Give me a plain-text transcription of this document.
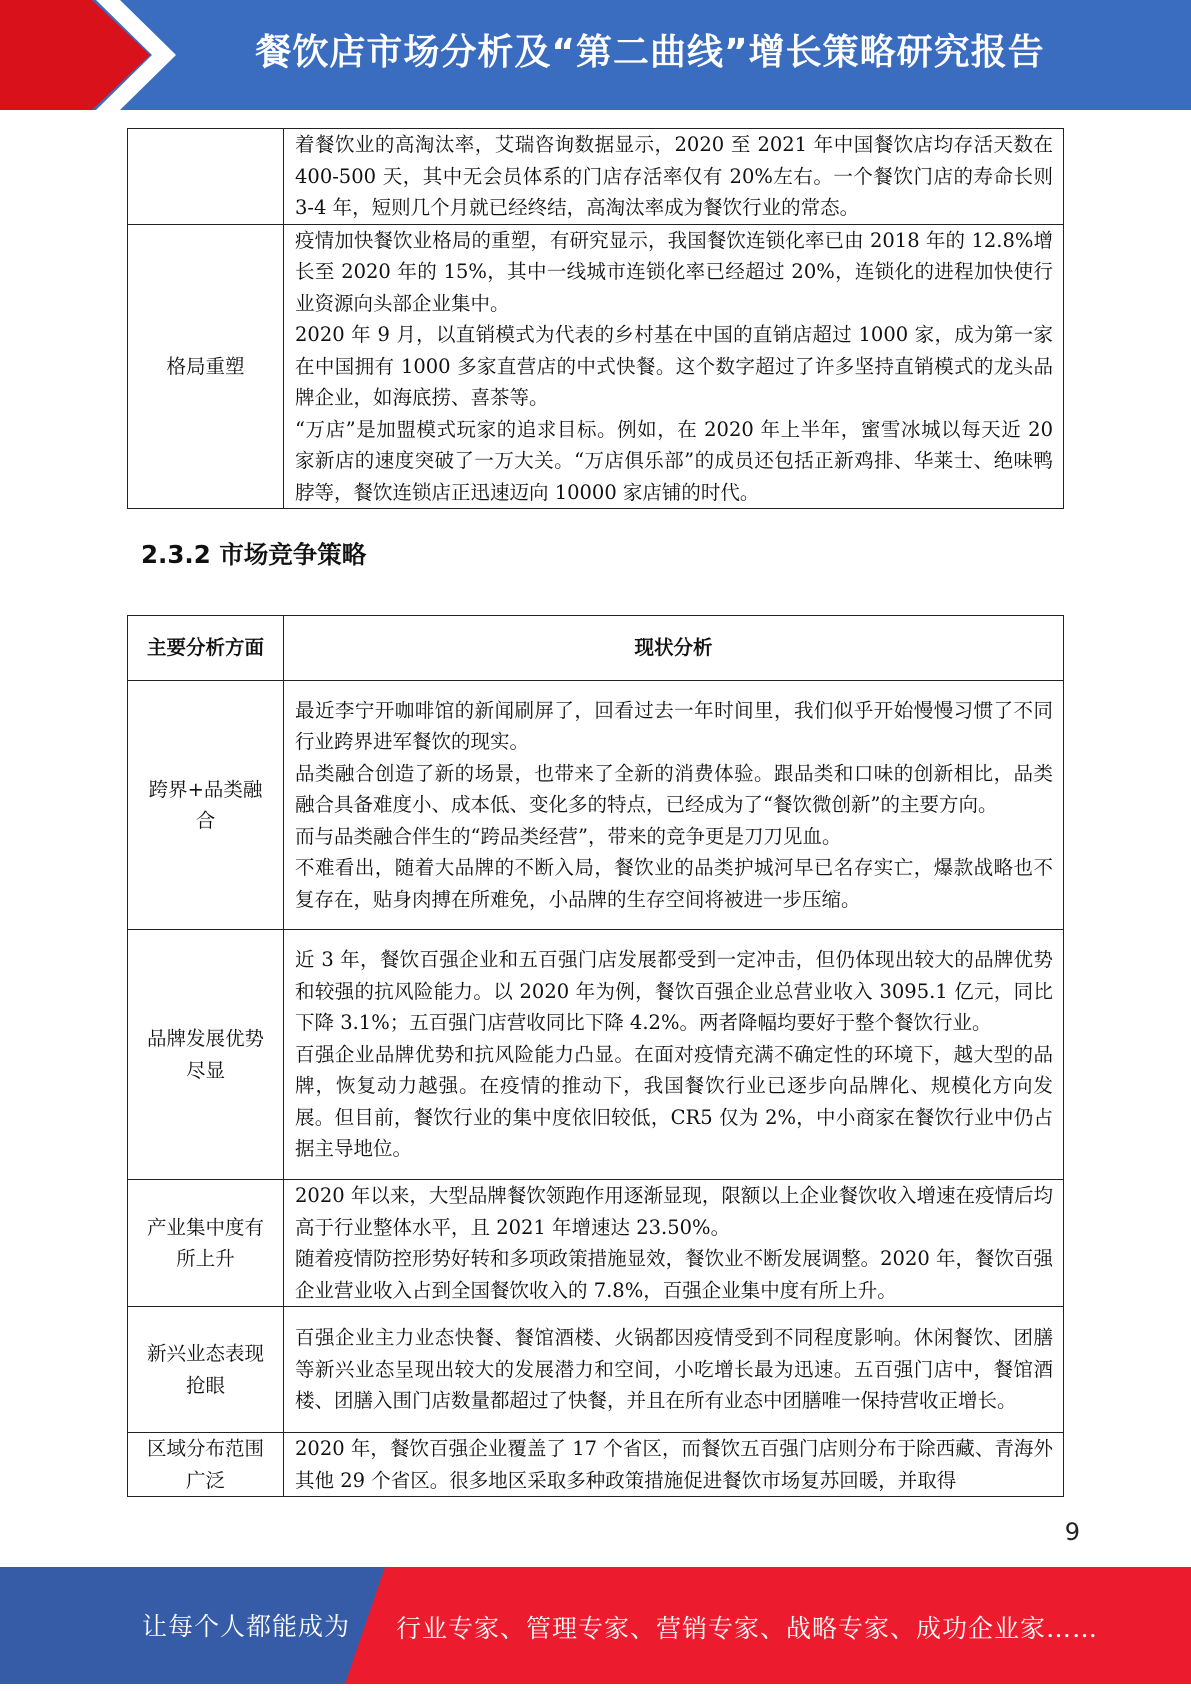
餐饮店市场分析及“第二曲线”增长策略研究报告

	着餐饮业的高淘汰率，艾瑞咨询数据显示，2020 至 2021 年中国餐饮店均存活天数在 400-500 天，其中无会员体系的门店存活率仅有 20%左右。一个餐饮门店的寿命长则 3-4 年，短则几个月就已经终结，高淘汰率成为餐饮行业的常态。

格局重塑	疫情加快餐饮业格局的重塑，有研究显示，我国餐饮连锁化率已由 2018 年的 12.8%增长至 2020 年的 15%，其中一线城市连锁化率已经超过 20%，连锁化的进程加快使行业资源向头部企业集中。

2020 年 9 月，以直销模式为代表的乡村基在中国的直销店超过 1000 家，成为第一家在中国拥有 1000 多家直营店的中式快餐。这个数字超过了许多坚持直销模式的龙头品牌企业，如海底捞、喜茶等。

“万店”是加盟模式玩家的追求目标。例如，在 2020 年上半年，蜜雪冰城以每天近 20 家新店的速度突破了一万大关。“万店俱乐部”的成员还包括正新鸡排、华莱士、绝味鸭脖等，餐饮连锁店正迅速迈向 10000 家店铺的时代。

2.3.2 市场竞争策略
主要分析方面	现状分析
跨界+品类融合	最近李宁开咖啡馆的新闻刷屏了，回看过去一年时间里，我们似乎开始慢慢习惯了不同行业跨界进军餐饮的现实。

品类融合创造了新的场景，也带来了全新的消费体验。跟品类和口味的创新相比，品类融合具备难度小、成本低、变化多的特点，已经成为了“餐饮微创新”的主要方向。

而与品类融合伴生的“跨品类经营”，带来的竞争更是刀刀见血。

不难看出，随着大品牌的不断入局，餐饮业的品类护城河早已名存实亡，爆款战略也不复存在，贴身肉搏在所难免，小品牌的生存空间将被进一步压缩。

品牌发展优势尽显	近 3 年，餐饮百强企业和五百强门店发展都受到一定冲击，但仍体现出较大的品牌优势和较强的抗风险能力。以 2020 年为例，餐饮百强企业总营业收入 3095.1 亿元，同比下降 3.1%；五百强门店营收同比下降 4.2%。两者降幅均要好于整个餐饮行业。

百强企业品牌优势和抗风险能力凸显。在面对疫情充满不确定性的环境下，越大型的品牌，恢复动力越强。在疫情的推动下，我国餐饮行业已逐步向品牌化、规模化方向发展。但目前，餐饮行业的集中度依旧较低，CR5 仅为 2%，中小商家在餐饮行业中仍占据主导地位。

产业集中度有所上升	2020 年以来，大型品牌餐饮领跑作用逐渐显现，限额以上企业餐饮收入增速在疫情后均高于行业整体水平，且 2021 年增速达 23.50%。

随着疫情防控形势好转和多项政策措施显效，餐饮业不断发展调整。2020 年，餐饮百强企业营业收入占到全国餐饮收入的 7.8%，百强企业集中度有所上升。

新兴业态表现抢眼	百强企业主力业态快餐、餐馆酒楼、火锅都因疫情受到不同程度影响。休闲餐饮、团膳等新兴业态呈现出较大的发展潜力和空间，小吃增长最为迅速。五百强门店中，餐馆酒楼、团膳入围门店数量都超过了快餐，并且在所有业态中团膳唯一保持营收正增长。

区域分布范围广泛	2020 年，餐饮百强企业覆盖了 17 个省区，而餐饮五百强门店则分布于除西藏、青海外其他 29 个省区。很多地区采取多种政策措施促进餐饮市场复苏回暖，并取得

9
让每个人都能成为 行业专家、管理专家、营销专家、战略专家、成功企业家……
